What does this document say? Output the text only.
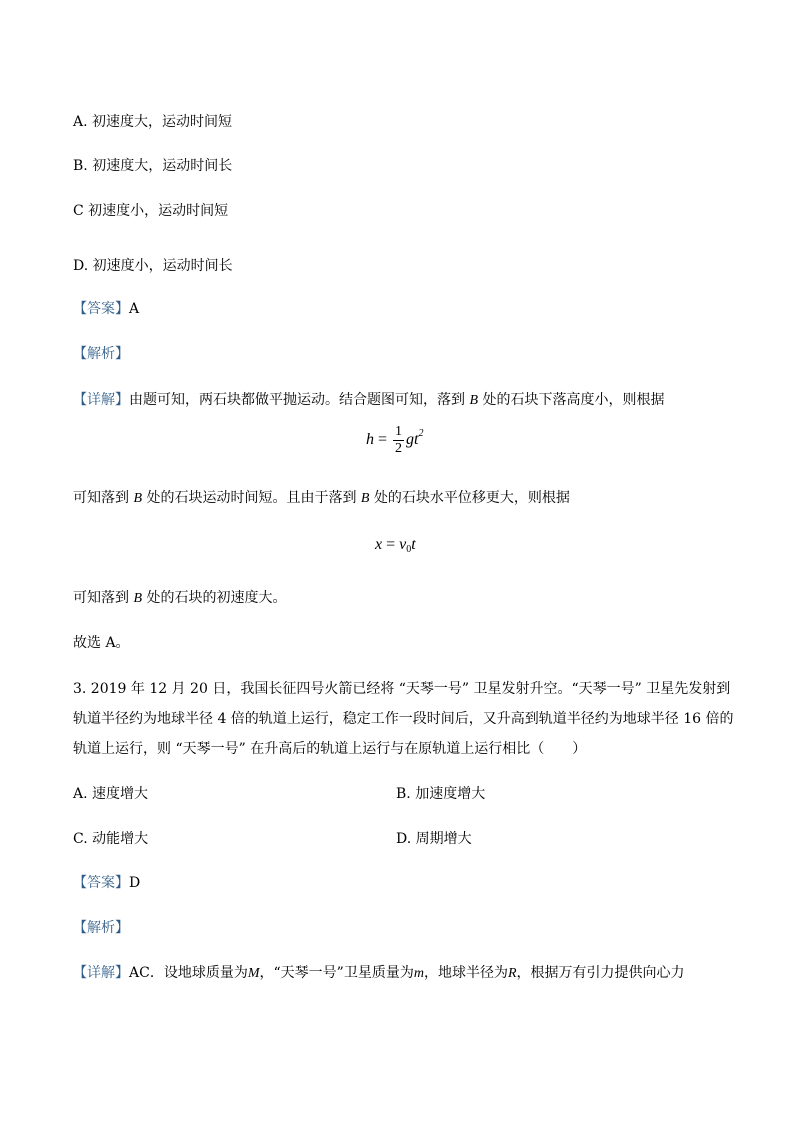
A. 初速度大，运动时间短
B. 初速度大，运动时间长
C 初速度小，运动时间短
D. 初速度小，运动时间长
【答案】A
【解析】
【详解】由题可知，两石块都做平抛运动。结合题图可知，落到 B 处的石块下落高度小，则根据
$h = \frac{1}{2} gt^2$
可知落到 B 处的石块运动时间短。且由于落到 B 处的石块水平位移更大，则根据
$x = v_0t$
可知落到 B 处的石块的初速度大。
故选 A。
3. 2019 年 12 月 20 日，我国长征四号火箭已经将 “天琴一号” 卫星发射升空。“天琴一号” 卫星先发射到
轨道半径约为地球半径 4 倍的轨道上运行，稳定工作一段时间后，又升高到轨道半径约为地球半径 16 倍的
轨道上运行，则 “天琴一号” 在升高后的轨道上运行与在原轨道上运行相比（　　）
A. 速度增大	B. 加速度增大
C. 动能增大	D. 周期增大
【答案】D
【解析】
【详解】AC．设地球质量为M，“天琴一号”卫星质量为m，地球半径为R，根据万有引力提供向心力
